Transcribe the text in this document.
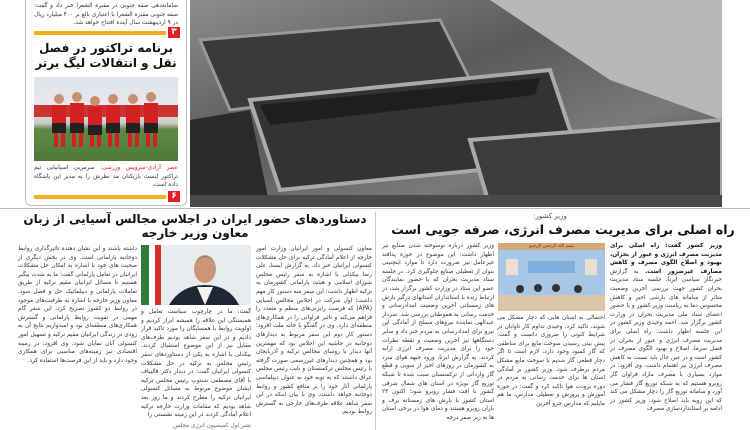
سامانه‌دهی صفه جنوبی در مقبره الشعرا خبر داد و گفت: صفه جنوبی مقبره الشعرا با اعتباری بالغ بر ۴۰۰ میلیارد ریال در ۹ اردیبهشت سال آینده افتتاح خواهد شد.
۳
برنامه تراکتور در فصل نقل و انتقالات لیگ برتر
عصر آزادی-سرویس ورزشی: سرمربی اسپانیایی تیم تراکتور لیست بازیکنان مد نظرش را به مدیر این باشگاه داده است.
۶
دستاوردهای حضور ایران در اجلاس مجالس آسیایی از زبان معاون وزیر خارجه
معاون کنسولی و امور ایرانیان وزارت امور خارجه از اعلام آمادگی ترکیه برای حل مشکلات کنسولی ایرانیان خبر داد. به گزارش ایسنا، علی رضا بیکدلی با اشاره به سفر رئیس مجلس شورای اسلامی و هیئت پارلمانی کشورمان به ترکیه اظهار داشت: این سفر سه دستور کار مهم داشت؛ اول شرکت در اجلاس مجالس آسیایی (APA) که فرصت رایزنی‌های منظم و متعدد را فراهم می‌کند و تاثیر فراوانی را در همکاری‌های منطقه‌ای دارد. وی در گفتگو با خانه ملت افزود: دستور کار دوم این سفر مربوط به دیدارهای دوجانبه در حاشیه این اجلاس بود که مهمترین آنها دیدار با روسای مجالس ترکیه و آذربایجان بود و همچنین دیدارهای غیررسمی صورت گرفته با رئیس مجلس ترکمنستان و نایب رئیس مجلس عراق داشتند که به نوبه خود به عنوان دیپلماسی پارلمانی آثار خود را بر منافع کشور و روابط دوجانبه خواهد داشت. وی با بیان اینکه در این سفر شاهد علاقه طرف‌های خارجی به گسترش روابط بودیم،
گفت: ما در چارچوب سیاست تعامل و همبستگی این علاقه را همیشه ابراز کردیم و اولویت روابط با همسایگان را مورد تاکید قرار دادیم و در این سفر شاهد بودیم طرف‌های مقابل نیز از این موضوع استقبال کردند. بیکدلی با اشاره به یکی از دستاوردهای سفر رئیس مجلس به ترکیه در حل مشکلات کنسولی ایرانیان گفت: در دیدار دکتر قالیباف با آقای مصطفی شنتوپ رئیس مجلس ترکیه ایشان موضوع مربوط به مسائل کنسولی ایرانیان ترکیه را مطرح کردند و ما روز بعد شاهد بودیم که مقامات وزارت خارجه ترکیه اعلام آمادگی کردند در این زمینه نشستی را
نشر اول کمیسیون انرژی مجلس
داشته باشند و این نشان دهنده تاثیرگذاری روابط دوجانبه پارلمانی است. وی در بخش دیگری از صحبت های خود با اشاره به امکان حل مشکلات ایرانیان در تعامل پارلمانی گفت: ما به شدت پیگیر هستیم تا مسائل ایرانیان مقیم ترکیه از طریق تعاملات پارلمانی و دیپلماتیک حل و فصل شود. معاون وزیر خارجه با اشاره به ظرفیت‌های موجود در روابط دو کشور تصریح کرد: این سفر گام مهمی در تقویت روابط پارلمانی و گسترش همکاری‌های منطقه‌ای بود و امیدواریم نتایج آن به زودی در زندگی ایرانیان مقیم ترکیه و تسهیل امور کنسولی آنان نمایان شود. وی افزود: در زمینه اقتصادی نیز زمینه‌های مناسبی برای همکاری وجود دارد و باید از این فرصت‌ها استفاده کرد.
وزیر کشور:
راه اصلی برای مدیریت مصرف انرژی، صرفه جویی است
وزیر کشور گفت: راه اصلی برای مدیریت مصرف انرژی و عبور از بحران، بهبود و اصلاح الگوی مصرف و کاهش مصارف غیرضرور است. به گزارش خبرنگار سیاسی ایرنا، جلسه ستاد مدیریت بحران کشور جهت بررسی آخرین وضعیت متاثر از سامانه های بارشی اخیر و کاهش محسوس دما به ریاست وزیر کشور و با حضور اعضای ستاد ملی مدیریت بحران در وزارت کشور برگزار شد. احمد وحیدی وزیر کشور در این جلسه اظهار داشت: راه اصلی برای مدیریت مصرف انرژی و عبور از بحران در فصل سرما، اصلاح و بهبود الگوی مصرف در کشور است و در عین حال باید نسبت به کاهش مصرف انرژی نیز اهتمام داشت. وی افزود: در موارد بسیاری با مصرف مازاد فراوان گاز روبرو هستیم که به شبکه توزیع گاز فشار می آورد و سامانه توزیع گاز را دچار مشکل می کند که این رویه باید اصلاح شود. وزیر کشور در ادامه بر استانداردسازی مصرف
بسم الله الرحمن الرحیم
احتمالی به استان هایی که دچار مشکل می شوند، تاکید کرد. وحیدی تداوم کار تاوابان در شرایط کنونی را ضروری دانست و گفت: پیش بینی رسیدن سوخت مایع برای مناطقی که گاز کمبود وجود دارد، لازم است تا اگر دچار قطعی گاز شدیم با سوخت مایع مشکل مردم برطرف شود. وزیر کشور بر آمادگی استان ها برای خدمت رسانی به مردم در دوره برودت هوا تاکید کرد و گفت: در حوزه آموزش و پرورش و تعطیلی مدارس، ما هم مایلیم که مدارس جزو آخرین
وزیر کشور درباره توسوخته شدن صنایع نیز اظهار داشت: این موضوع در حوزه پدافند غیرعامل نیز ضرورت دارد تا موارد اینچنینی بتوان از تعطیلی صنایع جلوگیری کرد. در جلسه ستاد مدیریت بحران که با حضور نمایندگان عضو این ستاد در وزارت کشور برگزار شد، در ارتباط زنده با استانداران استانهای درگیر بارش های زمستانی آخرین وضعیت امدادرسانی و خدمت رسانی به هموطنان بررسی شد. سردار عبدالهی نماینده نیروهای مسلح از آمادگی این نیرو برای امدادرسانی به مردم خبر داد و سایر دستگاهها نیز آخرین وضعیت و نقطه نظرات خود را برای مدیریت مصرف انرژی ارایه کردند. به گزارش ایرنا، ورود جبهه هوای سرد به کشورمان در روزهای اخیر از سویی و قطع گاز وارداتی از ترکمنستان سبب شده تا شبکه توزیع گاز بویژه در استان های شمال شرقی کشور با افت فشار روبرو شود؛ اکنون ۲۳ استان کشور با بارش های زمستانه برف و باران روبرو هستند و دمای هوا در برخی استان ها به زیر صفر درجه
